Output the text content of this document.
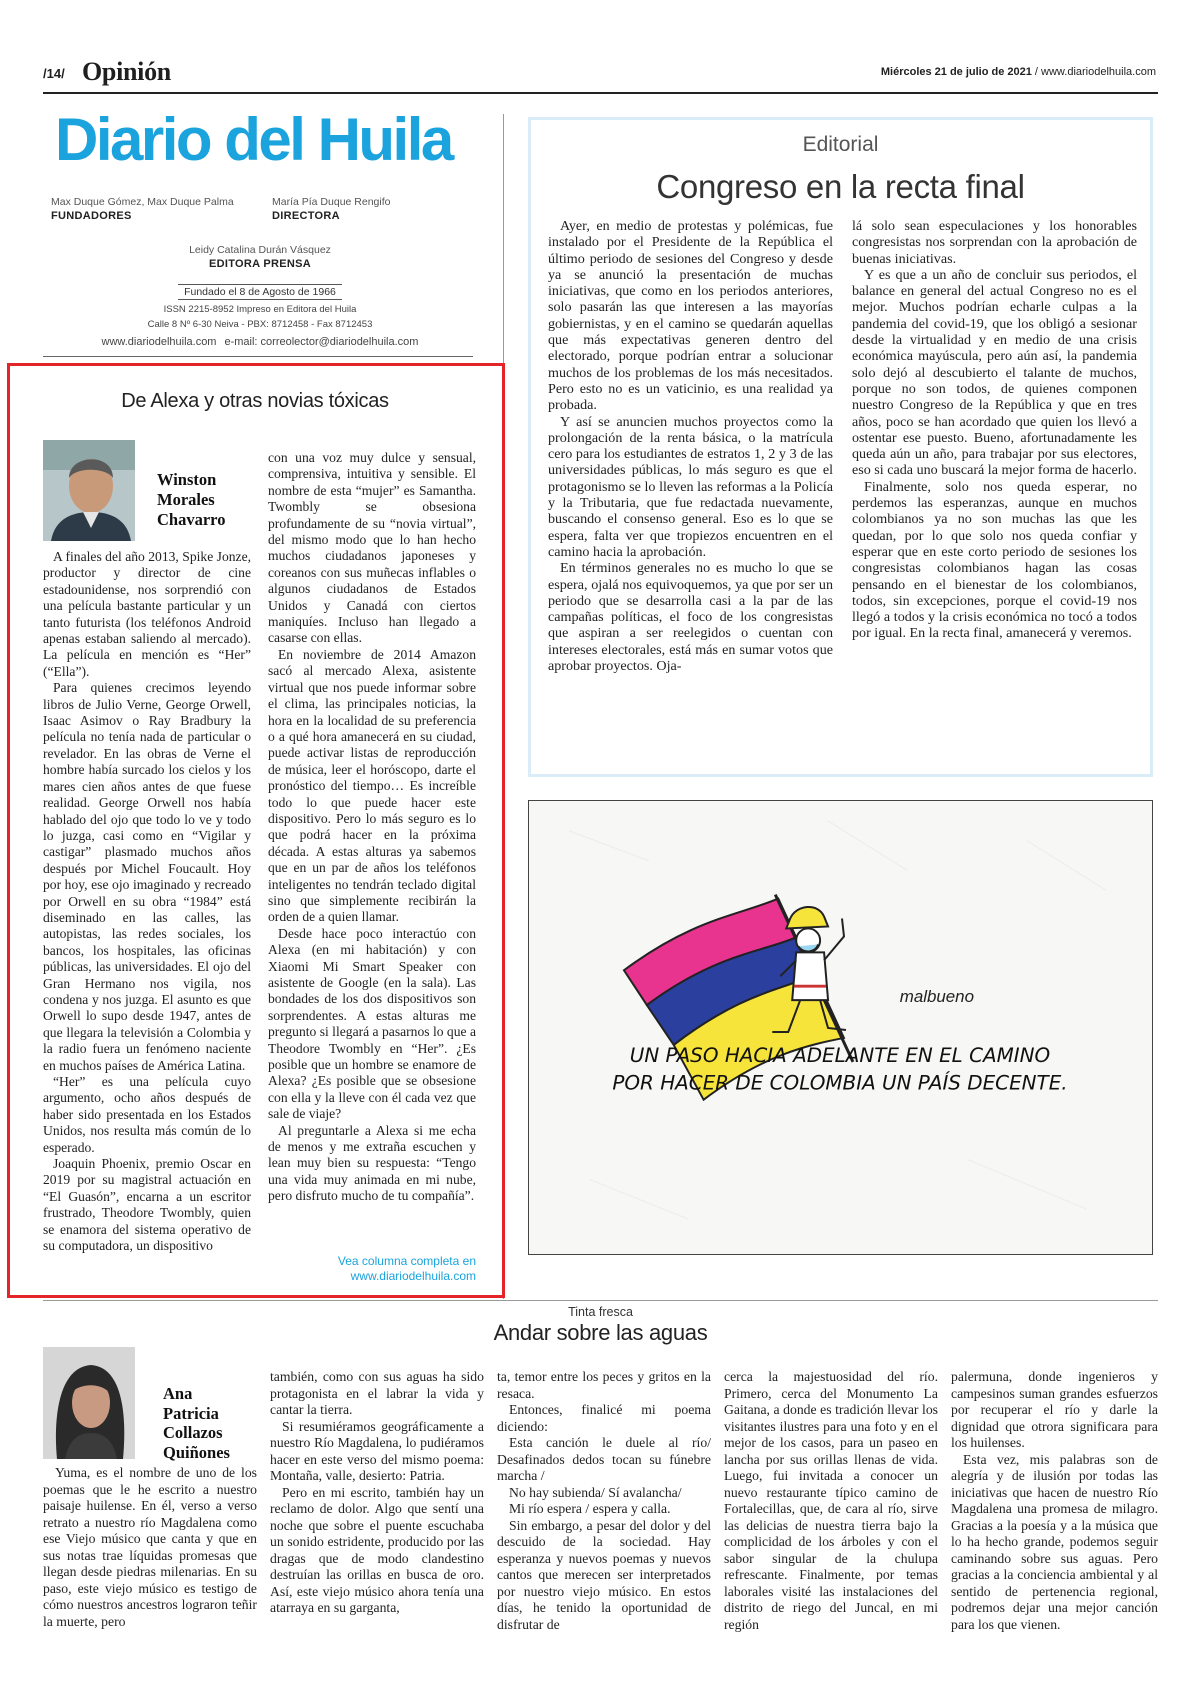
/14/ Opinión	Miércoles 21 de julio de 2021 / www.diariodelhuila.com
Diario del Huila
Max Duque Gómez, Max Duque Palma
FUNDADORES
María Pía Duque Rengifo
DIRECTORA
Leidy Catalina Durán Vásquez
EDITORA PRENSA
Fundado el 8 de Agosto de 1966
ISSN 2215-8952 Impreso en Editora del Huila
Calle 8 Nº 6-30 Neiva - PBX: 8712458 - Fax 8712453
www.diariodelhuila.com e-mail: correolector@diariodelhuila.com
Editorial
Congreso en la recta final

Ayer, en medio de protestas y polémicas, fue instalado por el Presidente de la República el último periodo de sesiones del Congreso y desde ya se anunció la presentación de muchas iniciativas, que como en los periodos anteriores, solo pasarán las que interesen a las mayorías gobiernistas, y en el camino se quedarán aquellas que más expectativas generen dentro del electorado, porque podrían entrar a solucionar muchos de los problemas de los más necesitados. Pero esto no es un vaticinio, es una realidad ya probada.

Y así se anuncien muchos proyectos como la prolongación de la renta básica, o la matrícula cero para los estudiantes de estratos 1, 2 y 3 de las universidades públicas, lo más seguro es que el protagonismo se lo lleven las reformas a la Policía y la Tributaria, que fue redactada nuevamente, buscando el consenso general. Eso es lo que se espera, falta ver que tropiezos encuentren en el camino hacia la aprobación.

En términos generales no es mucho lo que se espera, ojalá nos equivoquemos, ya que por ser un periodo que se desarrolla casi a la par de las campañas políticas, el foco de los congresistas que aspiran a ser reelegidos o cuentan con intereses electorales, está más en sumar votos que aprobar proyectos. Oja-

lá solo sean especulaciones y los honorables congresistas nos sorprendan con la aprobación de buenas iniciativas.

Y es que a un año de concluir sus periodos, el balance en general del actual Congreso no es el mejor. Muchos podrían echarle culpas a la pandemia del covid-19, que los obligó a sesionar desde la virtualidad y en medio de una crisis económica mayúscula, pero aún así, la pandemia solo dejó al descubierto el talante de muchos, porque no son todos, de quienes componen nuestro Congreso de la República y que en tres años, poco se han acordado que quien los llevó a ostentar ese puesto. Bueno, afortunadamente les queda aún un año, para trabajar por sus electores, eso si cada uno buscará la mejor forma de hacerlo.

Finalmente, solo nos queda esperar, no perdemos las esperanzas, aunque en muchos colombianos ya no son muchas las que les quedan, por lo que solo nos queda confiar y esperar que en este corto periodo de sesiones los congresistas colombianos hagan las cosas pensando en el bienestar de los colombianos, todos, sin excepciones, porque el covid-19 nos llegó a todos y la crisis económica no tocó a todos por igual. En la recta final, amanecerá y veremos.

malbueno
UN PASO HACIA ADELANTE EN EL CAMINO
POR HACER DE COLOMBIA UN PAÍS DECENTE.
De Alexa y otras novias tóxicas
Winston
Morales
Chavarro

A finales del año 2013, Spike Jonze, productor y director de cine estadounidense, nos sorprendió con una película bastante particular y un tanto futurista (los teléfonos Android apenas estaban saliendo al mercado). La película en mención es “Her” (“Ella”).

Para quienes crecimos leyendo libros de Julio Verne, George Orwell, Isaac Asimov o Ray Bradbury la película no tenía nada de particular o revelador. En las obras de Verne el hombre había surcado los cielos y los mares cien años antes de que fuese realidad. George Orwell nos había hablado del ojo que todo lo ve y todo lo juzga, casi como en “Vigilar y castigar” plasmado muchos años después por Michel Foucault. Hoy por hoy, ese ojo imaginado y recreado por Orwell en su obra “1984” está diseminado en las calles, las autopistas, las redes sociales, los bancos, los hospitales, las oficinas públicas, las universidades. El ojo del Gran Hermano nos vigila, nos condena y nos juzga. El asunto es que Orwell lo supo desde 1947, antes de que llegara la televisión a Colombia y la radio fuera un fenómeno naciente en muchos países de América Latina.

“Her” es una película cuyo argumento, ocho años después de haber sido presentada en los Estados Unidos, nos resulta más común de lo esperado.

Joaquin Phoenix, premio Oscar en 2019 por su magistral actuación en “El Guasón”, encarna a un escritor frustrado, Theodore Twombly, quien se enamora del sistema operativo de su computadora, un dispositivo

con una voz muy dulce y sensual, comprensiva, intuitiva y sensible. El nombre de esta “mujer” es Samantha. Twombly se obsesiona profundamente de su “novia virtual”, del mismo modo que lo han hecho muchos ciudadanos japoneses y coreanos con sus muñecas inflables o algunos ciudadanos de Estados Unidos y Canadá con ciertos maniquíes. Incluso han llegado a casarse con ellas.

En noviembre de 2014 Amazon sacó al mercado Alexa, asistente virtual que nos puede informar sobre el clima, las principales noticias, la hora en la localidad de su preferencia o a qué hora amanecerá en su ciudad, puede activar listas de reproducción de música, leer el horóscopo, darte el pronóstico del tiempo… Es increíble todo lo que puede hacer este dispositivo. Pero lo más seguro es lo que podrá hacer en la próxima década. A estas alturas ya sabemos que en un par de años los teléfonos inteligentes no tendrán teclado digital sino que simplemente recibirán la orden de a quien llamar.

Desde hace poco interactúo con Alexa (en mi habitación) y con Xiaomi Mi Smart Speaker con asistente de Google (en la sala). Las bondades de los dos dispositivos son sorprendentes. A estas alturas me pregunto si llegará a pasarnos lo que a Theodore Twombly en “Her”. ¿Es posible que un hombre se enamore de Alexa? ¿Es posible que se obsesione con ella y la lleve con él cada vez que sale de viaje?

Al preguntarle a Alexa si me echa de menos y me extraña escuchen y lean muy bien su respuesta: “Tengo una vida muy animada en mi nube, pero disfruto mucho de tu compañía”.

Vea columna completa en
www.diariodelhuila.com
Tinta fresca
Andar sobre las aguas
Ana
Patricia
Collazos
Quiñones

Yuma, es el nombre de uno de los poemas que le he escrito a nuestro paisaje huilense. En él, verso a verso retrato a nuestro río Magdalena como ese Viejo músico que canta y que en sus notas trae líquidas promesas que llegan desde piedras milenarias. En su paso, este viejo músico es testigo de cómo nuestros ancestros lograron teñir la muerte, pero

también, como con sus aguas ha sido protagonista en el labrar la vida y cantar la tierra.

Si resumiéramos geográficamente a nuestro Río Magdalena, lo pudiéramos hacer en este verso del mismo poema: Montaña, valle, desierto: Patria.

Pero en mi escrito, también hay un reclamo de dolor. Algo que sentí una noche que sobre el puente escuchaba un sonido estridente, producido por las dragas que de modo clandestino destruían las orillas en busca de oro. Así, este viejo músico ahora tenía una atarraya en su garganta,

ta, temor entre los peces y gritos en la resaca.

Entonces, finalicé mi poema diciendo:

Esta canción le duele al río/ Desafinados dedos tocan su fúnebre marcha /

No hay subienda/ Sí avalancha/

Mi río espera / espera y calla.

Sin embargo, a pesar del dolor y del descuido de la sociedad. Hay esperanza y nuevos poemas y nuevos cantos que merecen ser interpretados por nuestro viejo músico. En estos días, he tenido la oportunidad de disfrutar de

cerca la majestuosidad del río. Primero, cerca del Monumento La Gaitana, a donde es tradición llevar los visitantes ilustres para una foto y en el mejor de los casos, para un paseo en lancha por sus orillas llenas de vida. Luego, fui invitada a conocer un nuevo restaurante típico camino de Fortalecillas, que, de cara al río, sirve las delicias de nuestra tierra bajo la complicidad de los árboles y con el sabor singular de la chulupa refrescante. Finalmente, por temas laborales visité las instalaciones del distrito de riego del Juncal, en mi región

palermuna, donde ingenieros y campesinos suman grandes esfuerzos por recuperar el río y darle la dignidad que otrora significara para los huilenses.

Esta vez, mis palabras son de alegría y de ilusión por todas las iniciativas que hacen de nuestro Río Magdalena una promesa de milagro. Gracias a la poesía y a la música que lo ha hecho grande, podemos seguir caminando sobre sus aguas. Pero gracias a la conciencia ambiental y al sentido de pertenencia regional, podremos dejar una mejor canción para los que vienen.
